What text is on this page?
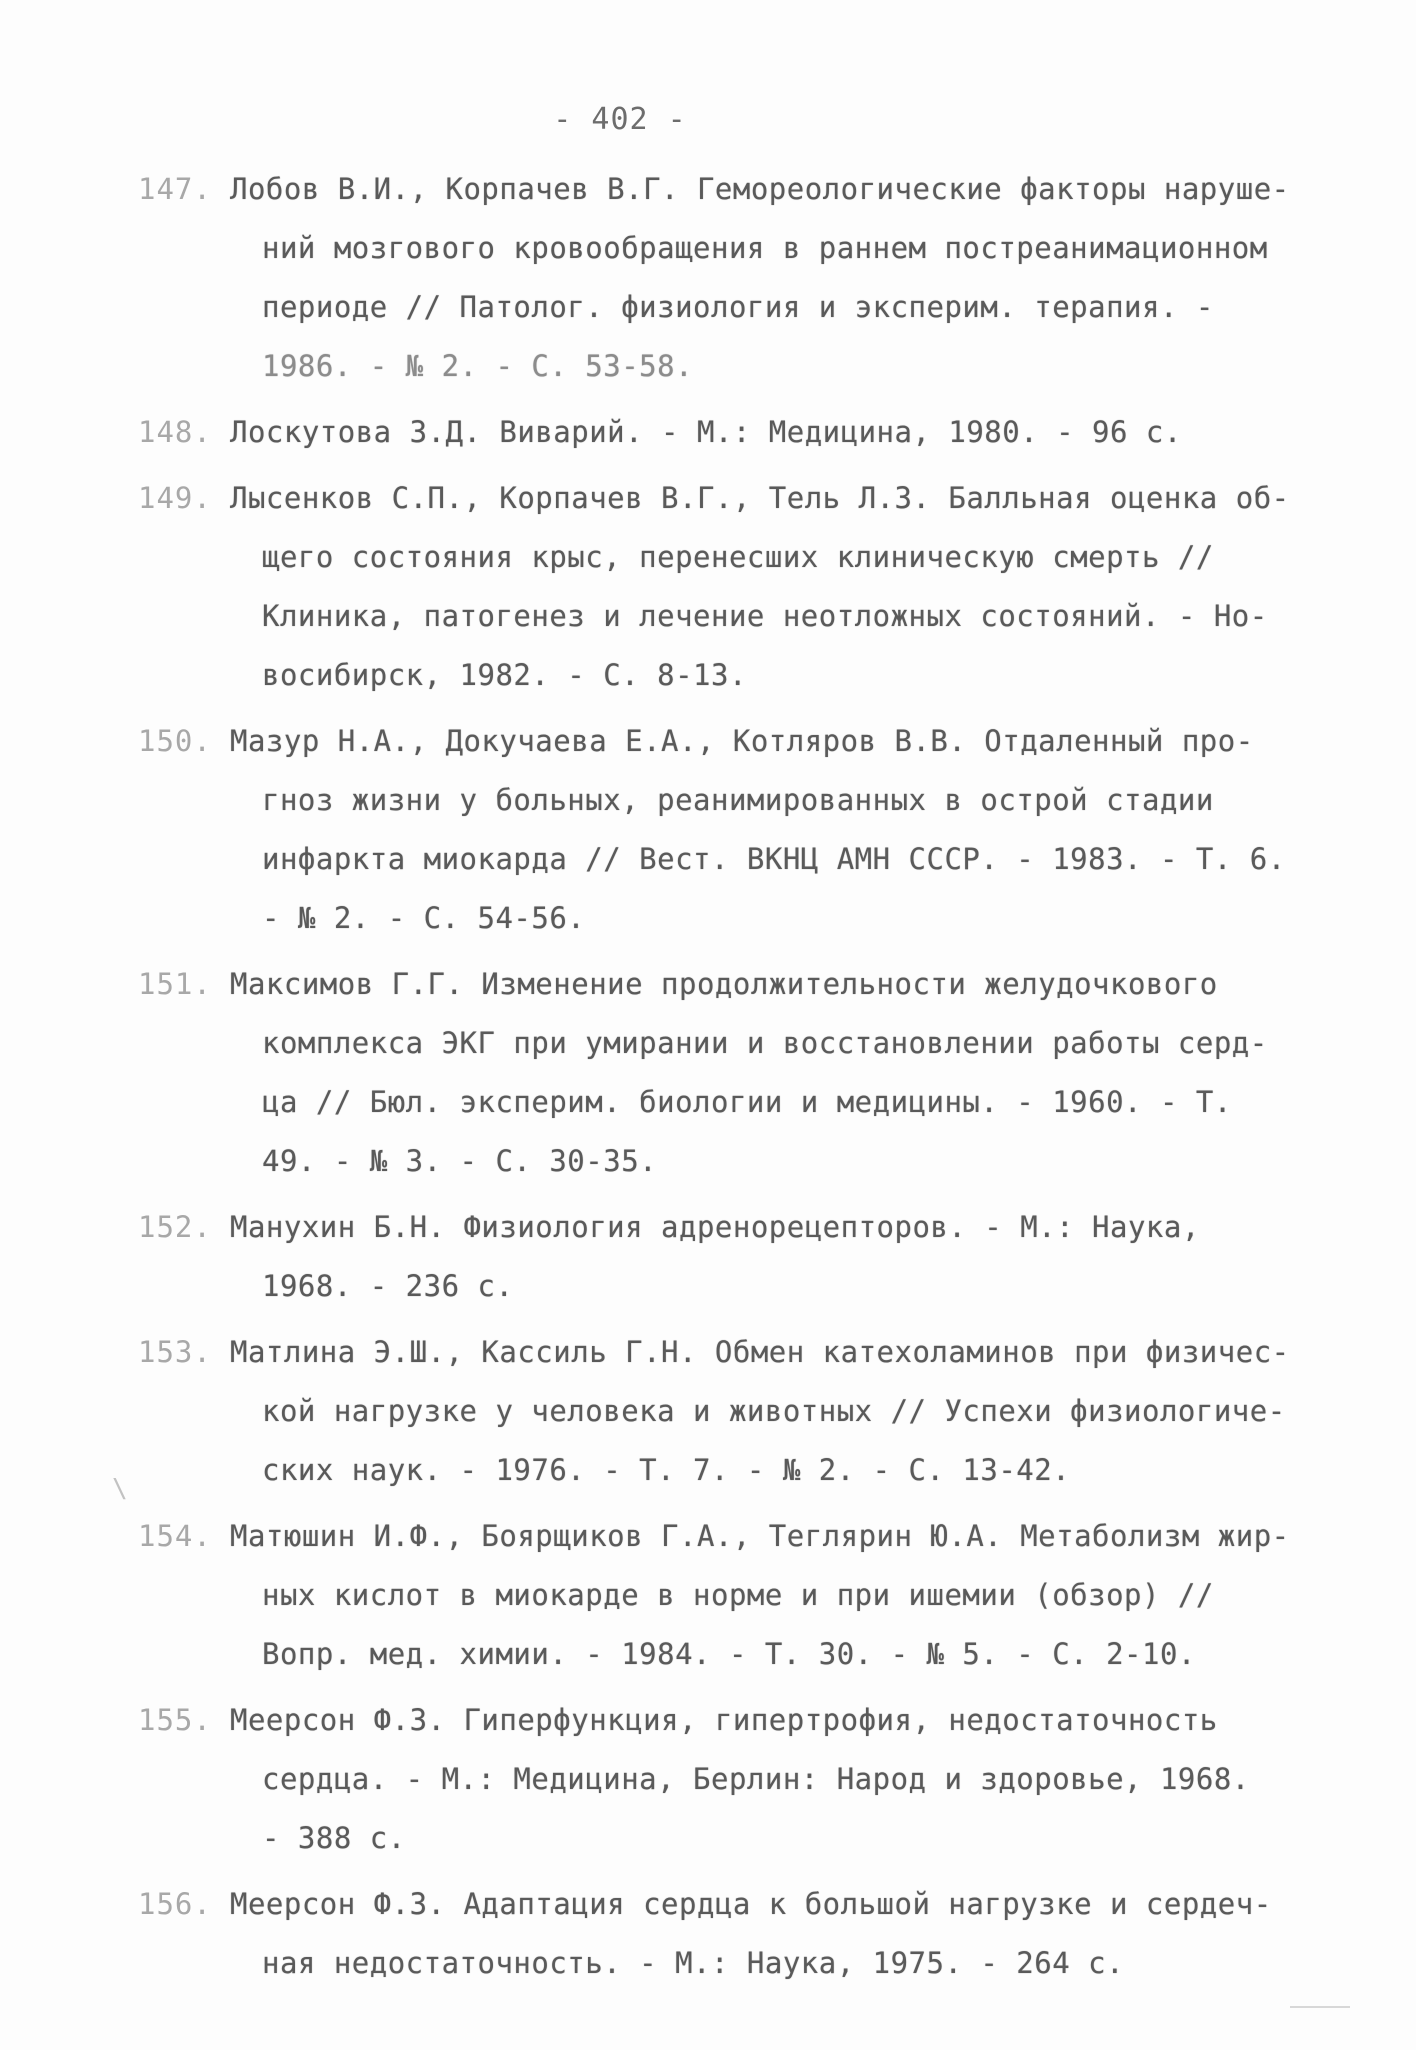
- 402 -
\
147. Лобов В.И., Корпачев В.Г. Гемореологические факторы наруше-
ний мозгового кровообращения в раннем постреанимационном
периоде // Патолог. физиология и эксперим. терапия. -
1986. - № 2. - С. 53-58.
148. Лоскутова З.Д. Виварий. - М.: Медицина, 1980. - 96 с.
149. Лысенков С.П., Корпачев В.Г., Тель Л.З. Балльная оценка об-
щего состояния крыс, перенесших клиническую смерть //
Клиника, патогенез и лечение неотложных состояний. - Но-
восибирск, 1982. - С. 8-13.
150. Мазур Н.А., Докучаева Е.А., Котляров В.В. Отдаленный про-
гноз жизни у больных, реанимированных в острой стадии
инфаркта миокарда // Вест. ВКНЦ АМН СССР. - 1983. - Т. 6.
- № 2. - С. 54-56.
151. Максимов Г.Г. Изменение продолжительности желудочкового
комплекса ЭКГ при умирании и восстановлении работы серд-
ца // Бюл. эксперим. биологии и медицины. - 1960. - Т.
49. - № 3. - С. 30-35.
152. Манухин Б.Н. Физиология адренорецепторов. - М.: Наука,
1968. - 236 с.
153. Матлина Э.Ш., Кассиль Г.Н. Обмен катехоламинов при физичес-
кой нагрузке у человека и животных // Успехи физиологиче-
ских наук. - 1976. - Т. 7. - № 2. - С. 13-42.
154. Матюшин И.Ф., Боярщиков Г.А., Теглярин Ю.А. Метаболизм жир-
ных кислот в миокарде в норме и при ишемии (обзор) //
Вопр. мед. химии. - 1984. - Т. 30. - № 5. - С. 2-10.
155. Меерсон Ф.З. Гиперфункция, гипертрофия, недостаточность
сердца. - М.: Медицина, Берлин: Народ и здоровье, 1968.
- 388 с.
156. Меерсон Ф.З. Адаптация сердца к большой нагрузке и сердеч-
ная недостаточность. - М.: Наука, 1975. - 264 с.
